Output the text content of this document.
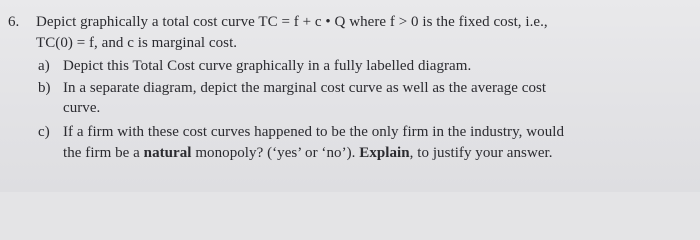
6. Depict graphically a total cost curve TC = f + c • Q where f > 0 is the fixed cost, i.e.,
TC(0) = f, and c is marginal cost.
a) Depict this Total Cost curve graphically in a fully labelled diagram.
b) In a separate diagram, depict the marginal cost curve as well as the average cost
curve.
c) If a firm with these cost curves happened to be the only firm in the industry, would
the firm be a natural monopoly? (‘yes’ or ‘no’). Explain, to justify your answer.
